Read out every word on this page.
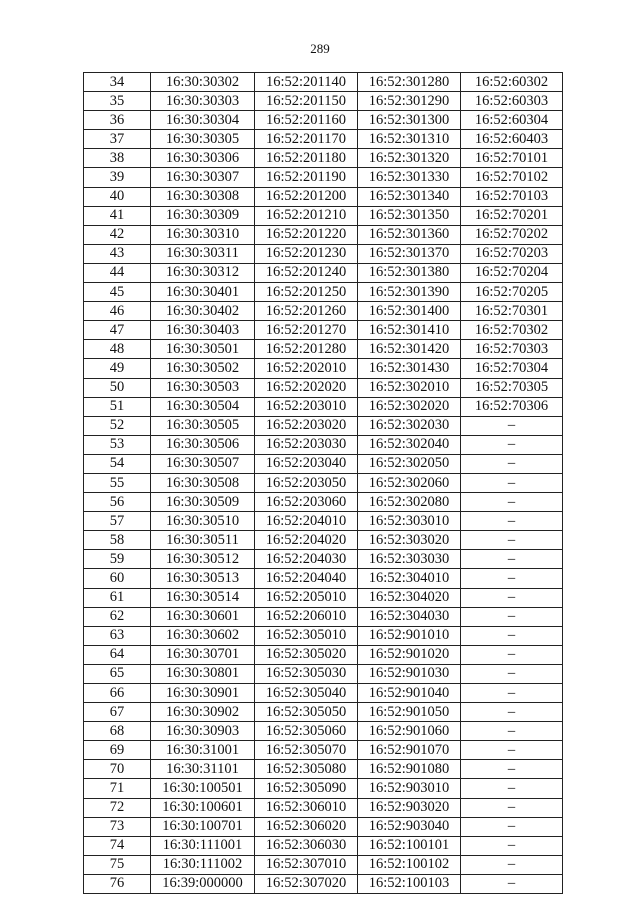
289
34	16:30:30302	16:52:201140	16:52:301280	16:52:60302
35	16:30:30303	16:52:201150	16:52:301290	16:52:60303
36	16:30:30304	16:52:201160	16:52:301300	16:52:60304
37	16:30:30305	16:52:201170	16:52:301310	16:52:60403
38	16:30:30306	16:52:201180	16:52:301320	16:52:70101
39	16:30:30307	16:52:201190	16:52:301330	16:52:70102
40	16:30:30308	16:52:201200	16:52:301340	16:52:70103
41	16:30:30309	16:52:201210	16:52:301350	16:52:70201
42	16:30:30310	16:52:201220	16:52:301360	16:52:70202
43	16:30:30311	16:52:201230	16:52:301370	16:52:70203
44	16:30:30312	16:52:201240	16:52:301380	16:52:70204
45	16:30:30401	16:52:201250	16:52:301390	16:52:70205
46	16:30:30402	16:52:201260	16:52:301400	16:52:70301
47	16:30:30403	16:52:201270	16:52:301410	16:52:70302
48	16:30:30501	16:52:201280	16:52:301420	16:52:70303
49	16:30:30502	16:52:202010	16:52:301430	16:52:70304
50	16:30:30503	16:52:202020	16:52:302010	16:52:70305
51	16:30:30504	16:52:203010	16:52:302020	16:52:70306
52	16:30:30505	16:52:203020	16:52:302030	–
53	16:30:30506	16:52:203030	16:52:302040	–
54	16:30:30507	16:52:203040	16:52:302050	–
55	16:30:30508	16:52:203050	16:52:302060	–
56	16:30:30509	16:52:203060	16:52:302080	–
57	16:30:30510	16:52:204010	16:52:303010	–
58	16:30:30511	16:52:204020	16:52:303020	–
59	16:30:30512	16:52:204030	16:52:303030	–
60	16:30:30513	16:52:204040	16:52:304010	–
61	16:30:30514	16:52:205010	16:52:304020	–
62	16:30:30601	16:52:206010	16:52:304030	–
63	16:30:30602	16:52:305010	16:52:901010	–
64	16:30:30701	16:52:305020	16:52:901020	–
65	16:30:30801	16:52:305030	16:52:901030	–
66	16:30:30901	16:52:305040	16:52:901040	–
67	16:30:30902	16:52:305050	16:52:901050	–
68	16:30:30903	16:52:305060	16:52:901060	–
69	16:30:31001	16:52:305070	16:52:901070	–
70	16:30:31101	16:52:305080	16:52:901080	–
71	16:30:100501	16:52:305090	16:52:903010	–
72	16:30:100601	16:52:306010	16:52:903020	–
73	16:30:100701	16:52:306020	16:52:903040	–
74	16:30:111001	16:52:306030	16:52:100101	–
75	16:30:111002	16:52:307010	16:52:100102	–
76	16:39:000000	16:52:307020	16:52:100103	–
